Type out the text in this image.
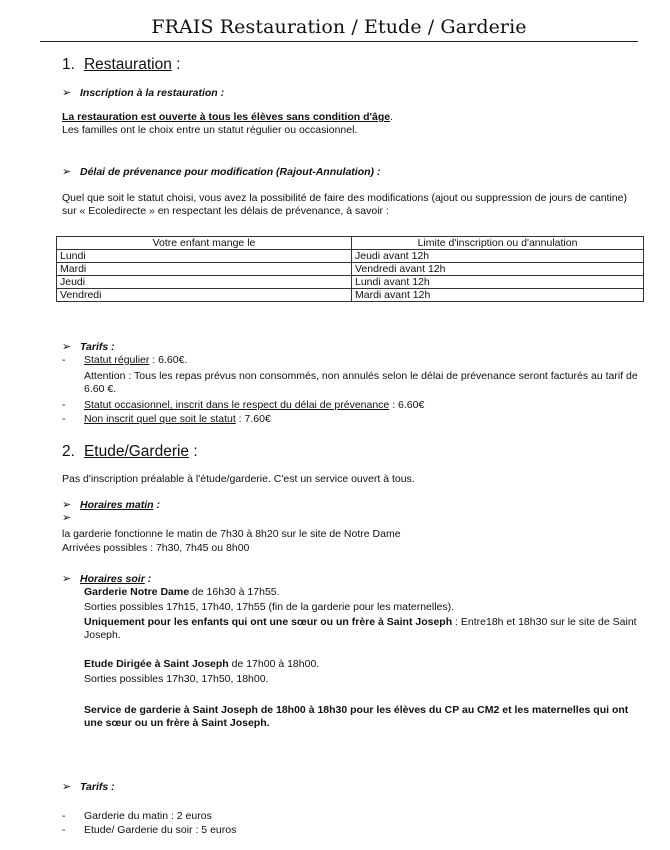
FRAIS Restauration / Etude / Garderie
1. Restauration :
➢ Inscription à la restauration :
La restauration est ouverte à tous les élèves sans condition d'âge.
Les familles ont le choix entre un statut régulier ou occasionnel.
➢ Délai de prévenance pour modification (Rajout-Annulation) :
Quel que soit le statut choisi, vous avez la possibilité de faire des modifications (ajout ou suppression de jours de cantine) sur « Ecoledirecte » en respectant les délais de prévenance, à savoir :
Votre enfant mange le	Limite d'inscription ou d'annulation
Lundi	Jeudi avant 12h
Mardi	Vendredi avant 12h
Jeudi	Lundi avant 12h
Vendredi	Mardi avant 12h
➢ Tarifs :
- Statut régulier : 6.60€.
Attention : Tous les repas prévus non consommés, non annulés selon le délai de prévenance seront facturés au tarif de 6.60 €.
- Statut occasionnel, inscrit dans le respect du délai de prévenance : 6.60€
- Non inscrit quel que soit le statut : 7.60€
2. Etude/Garderie :
Pas d'inscription préalable à l'étude/garderie. C'est un service ouvert à tous.
➢ Horaires matin :
➢
la garderie fonctionne le matin de 7h30 à 8h20 sur le site de Notre Dame
Arrivées possibles : 7h30, 7h45 ou 8h00
➢ Horaires soir :
Garderie Notre Dame de 16h30 à 17h55.
Sorties possibles 17h15, 17h40, 17h55 (fin de la garderie pour les maternelles).
Uniquement pour les enfants qui ont une sœur ou un frère à Saint Joseph : Entre18h et 18h30 sur le site de Saint Joseph.
Etude Dirigée à Saint Joseph de 17h00 à 18h00.
Sorties possibles 17h30, 17h50, 18h00.
Service de garderie à Saint Joseph de 18h00 à 18h30 pour les élèves du CP au CM2 et les maternelles qui ont une sœur ou un frère à Saint Joseph.
➢ Tarifs :
- Garderie du matin : 2 euros
- Etude/ Garderie du soir : 5 euros
